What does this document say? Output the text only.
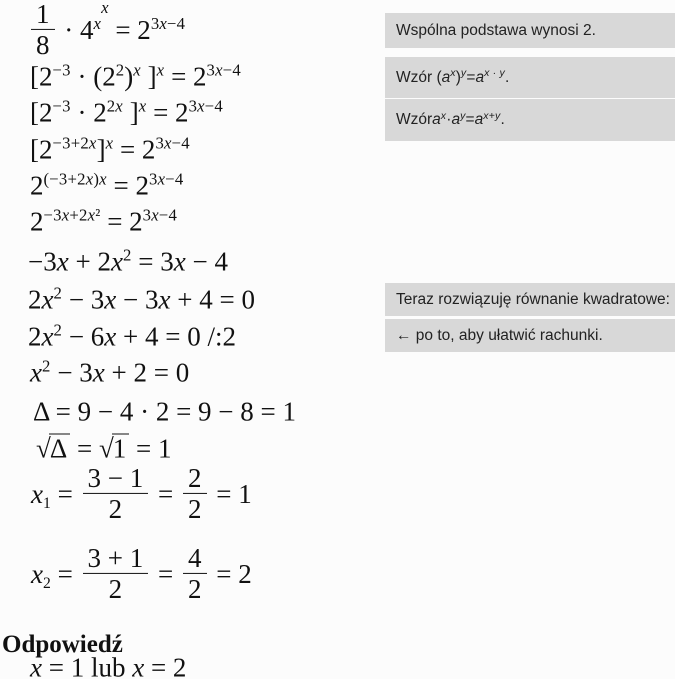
$\frac{1}{8} \cdot 4^{xx} = 2^{3x-4}$
[$2^{-3} \cdot (2^2)^x$ ]$^x = 2^{3x-4}$
[$2^{-3} \cdot 2^{2x}$ ]$^x = 2^{3x-4}$
$[2^{-3+2x}]^x = 2^{3x-4}$
$2^{(-3+2x)x} = 2^{3x-4}$
$2^{-3x+2x^2} = 2^{3x-4}$
$-3x + 2x^2 = 3x - 4$
$2x^2 - 3x - 3x + 4 = 0$
$2x^2 - 6x + 4 = 0$ /:2
$x^2 - 3x + 2 = 0$
Δ = 9 − 4 · 2 = 9 − 8 = 1
√Δ = √1 = 1
$x1 = \frac{3 - 1}{2} = \frac{2}{2} = 1$
$x2 = \frac{3 + 1}{2} = \frac{4}{2} = 2$
x = 1 lub x = 2
Wspólna podstawa wynosi 2.
Wzór ( a x ) y = a x · y .
Wzór a x · a y = a x+y .
Teraz rozwiązuję równanie kwadratowe:
← po to, aby ułatwić rachunki.
Odpowiedź
